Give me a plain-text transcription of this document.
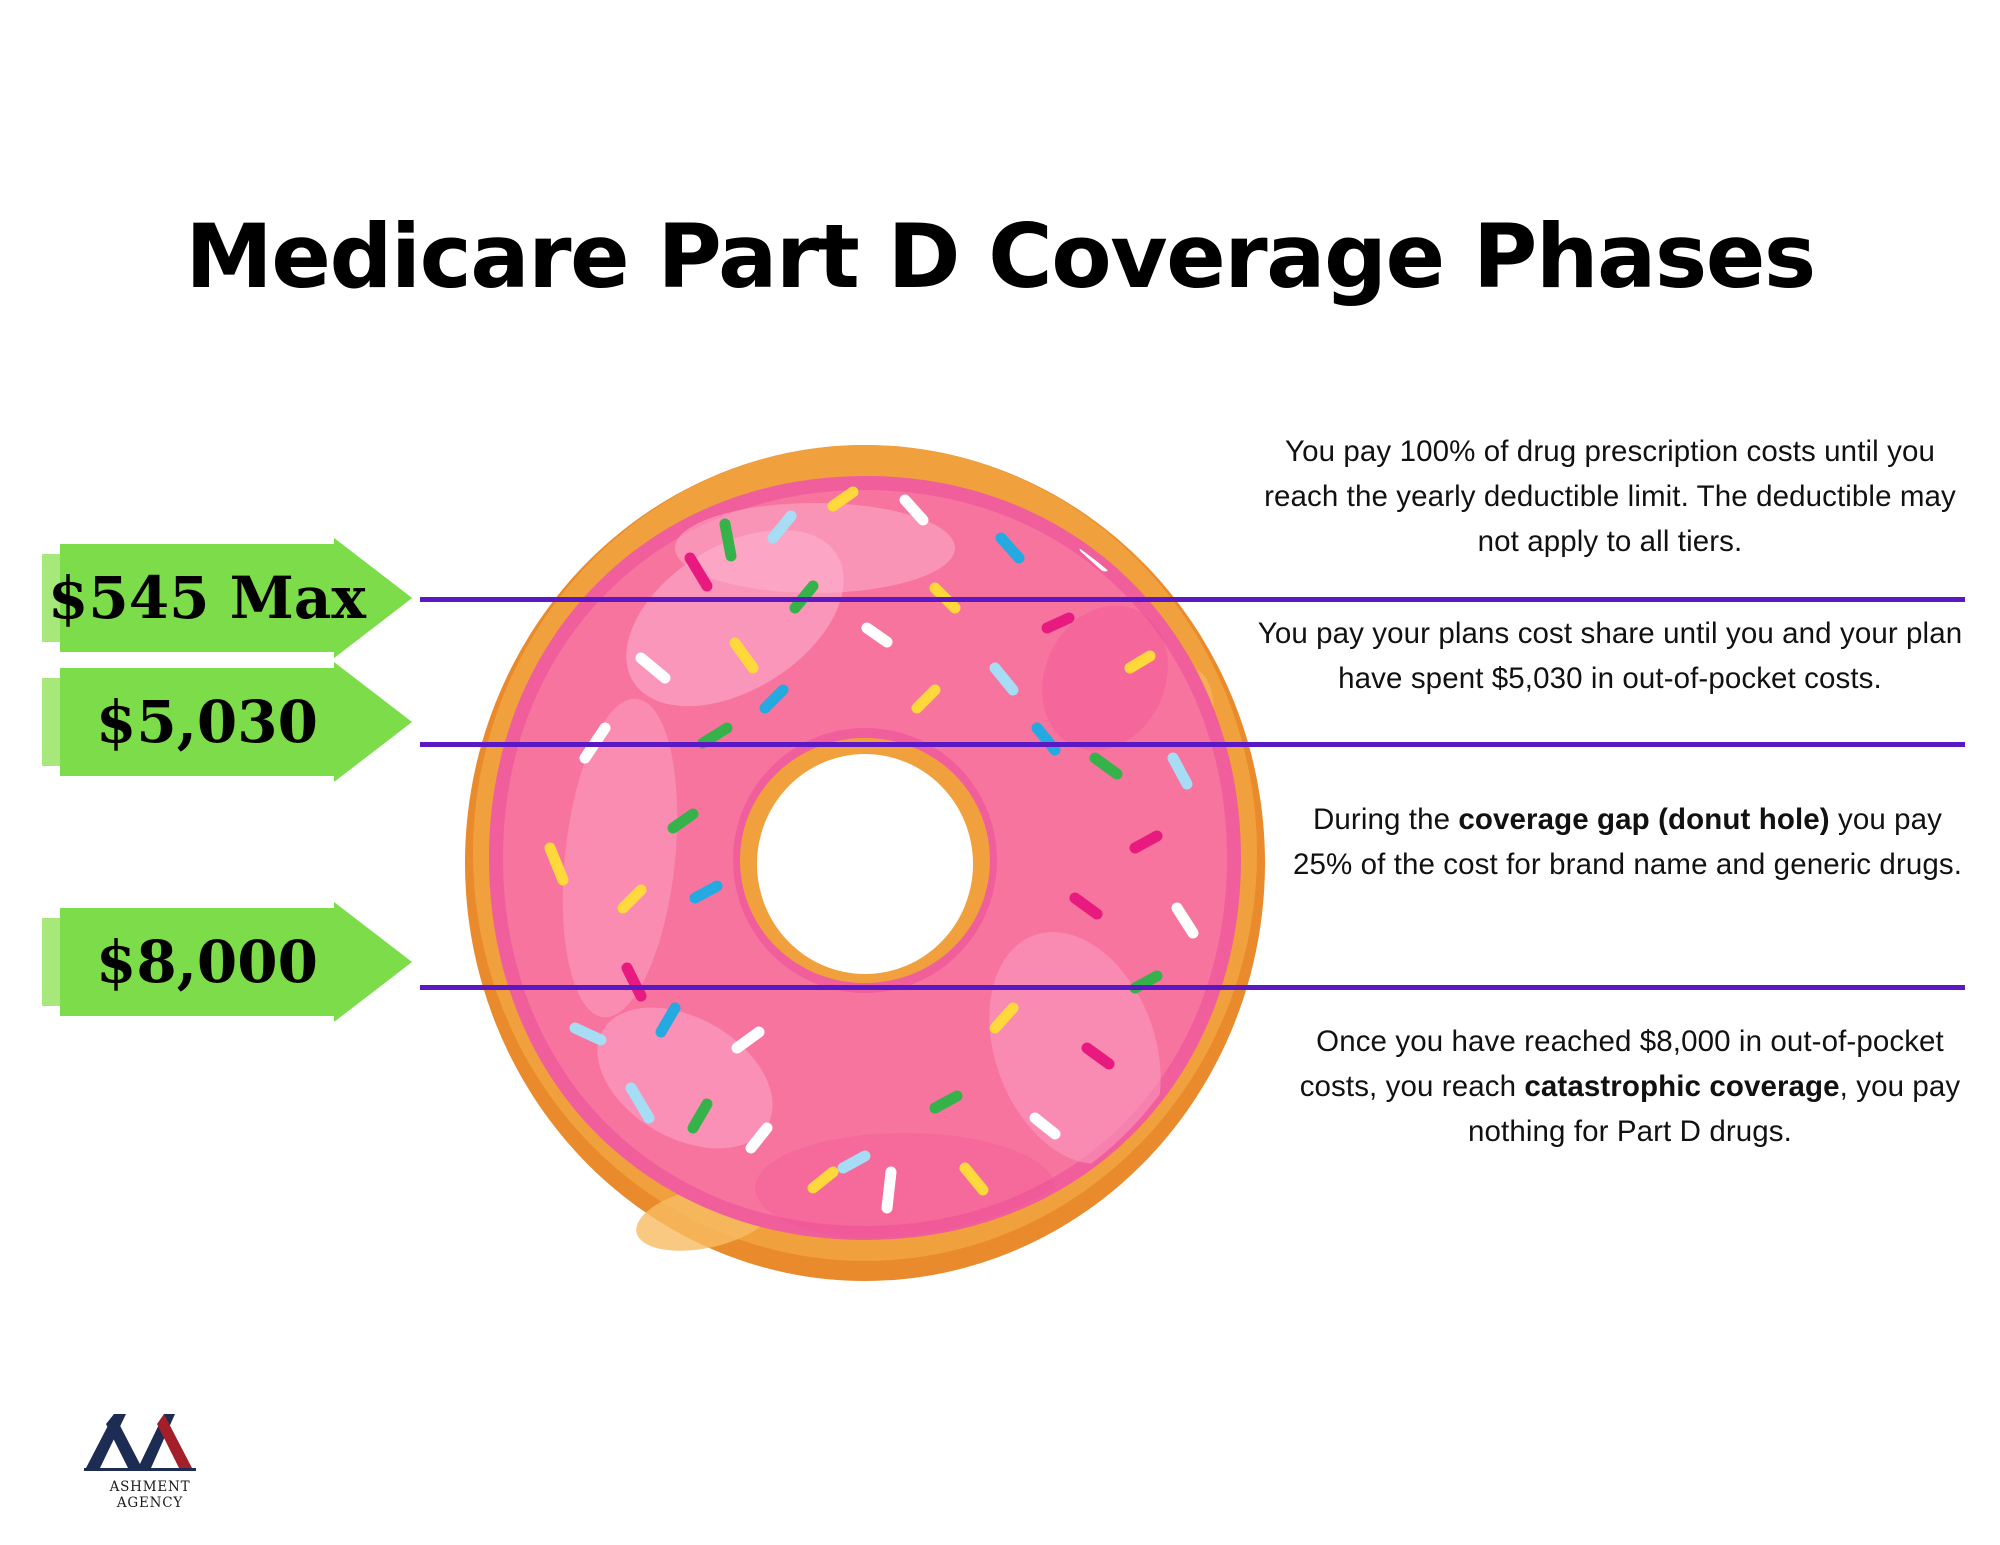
Medicare Part D Coverage Phases
$545 Max
$5,030
$8,000
You pay 100% of drug prescription costs until you reach the yearly deductible limit. The deductible may not apply to all tiers.
You pay your plans cost share until you and your plan have spent $5,030 in out-of-pocket costs.
During the coverage gap (donut hole) you pay 25% of the cost for brand name and generic drugs.
Once you have reached $8,000 in out-of-pocket costs, you reach catastrophic coverage, you pay nothing for Part D drugs.
ASHMENT AGENCY
